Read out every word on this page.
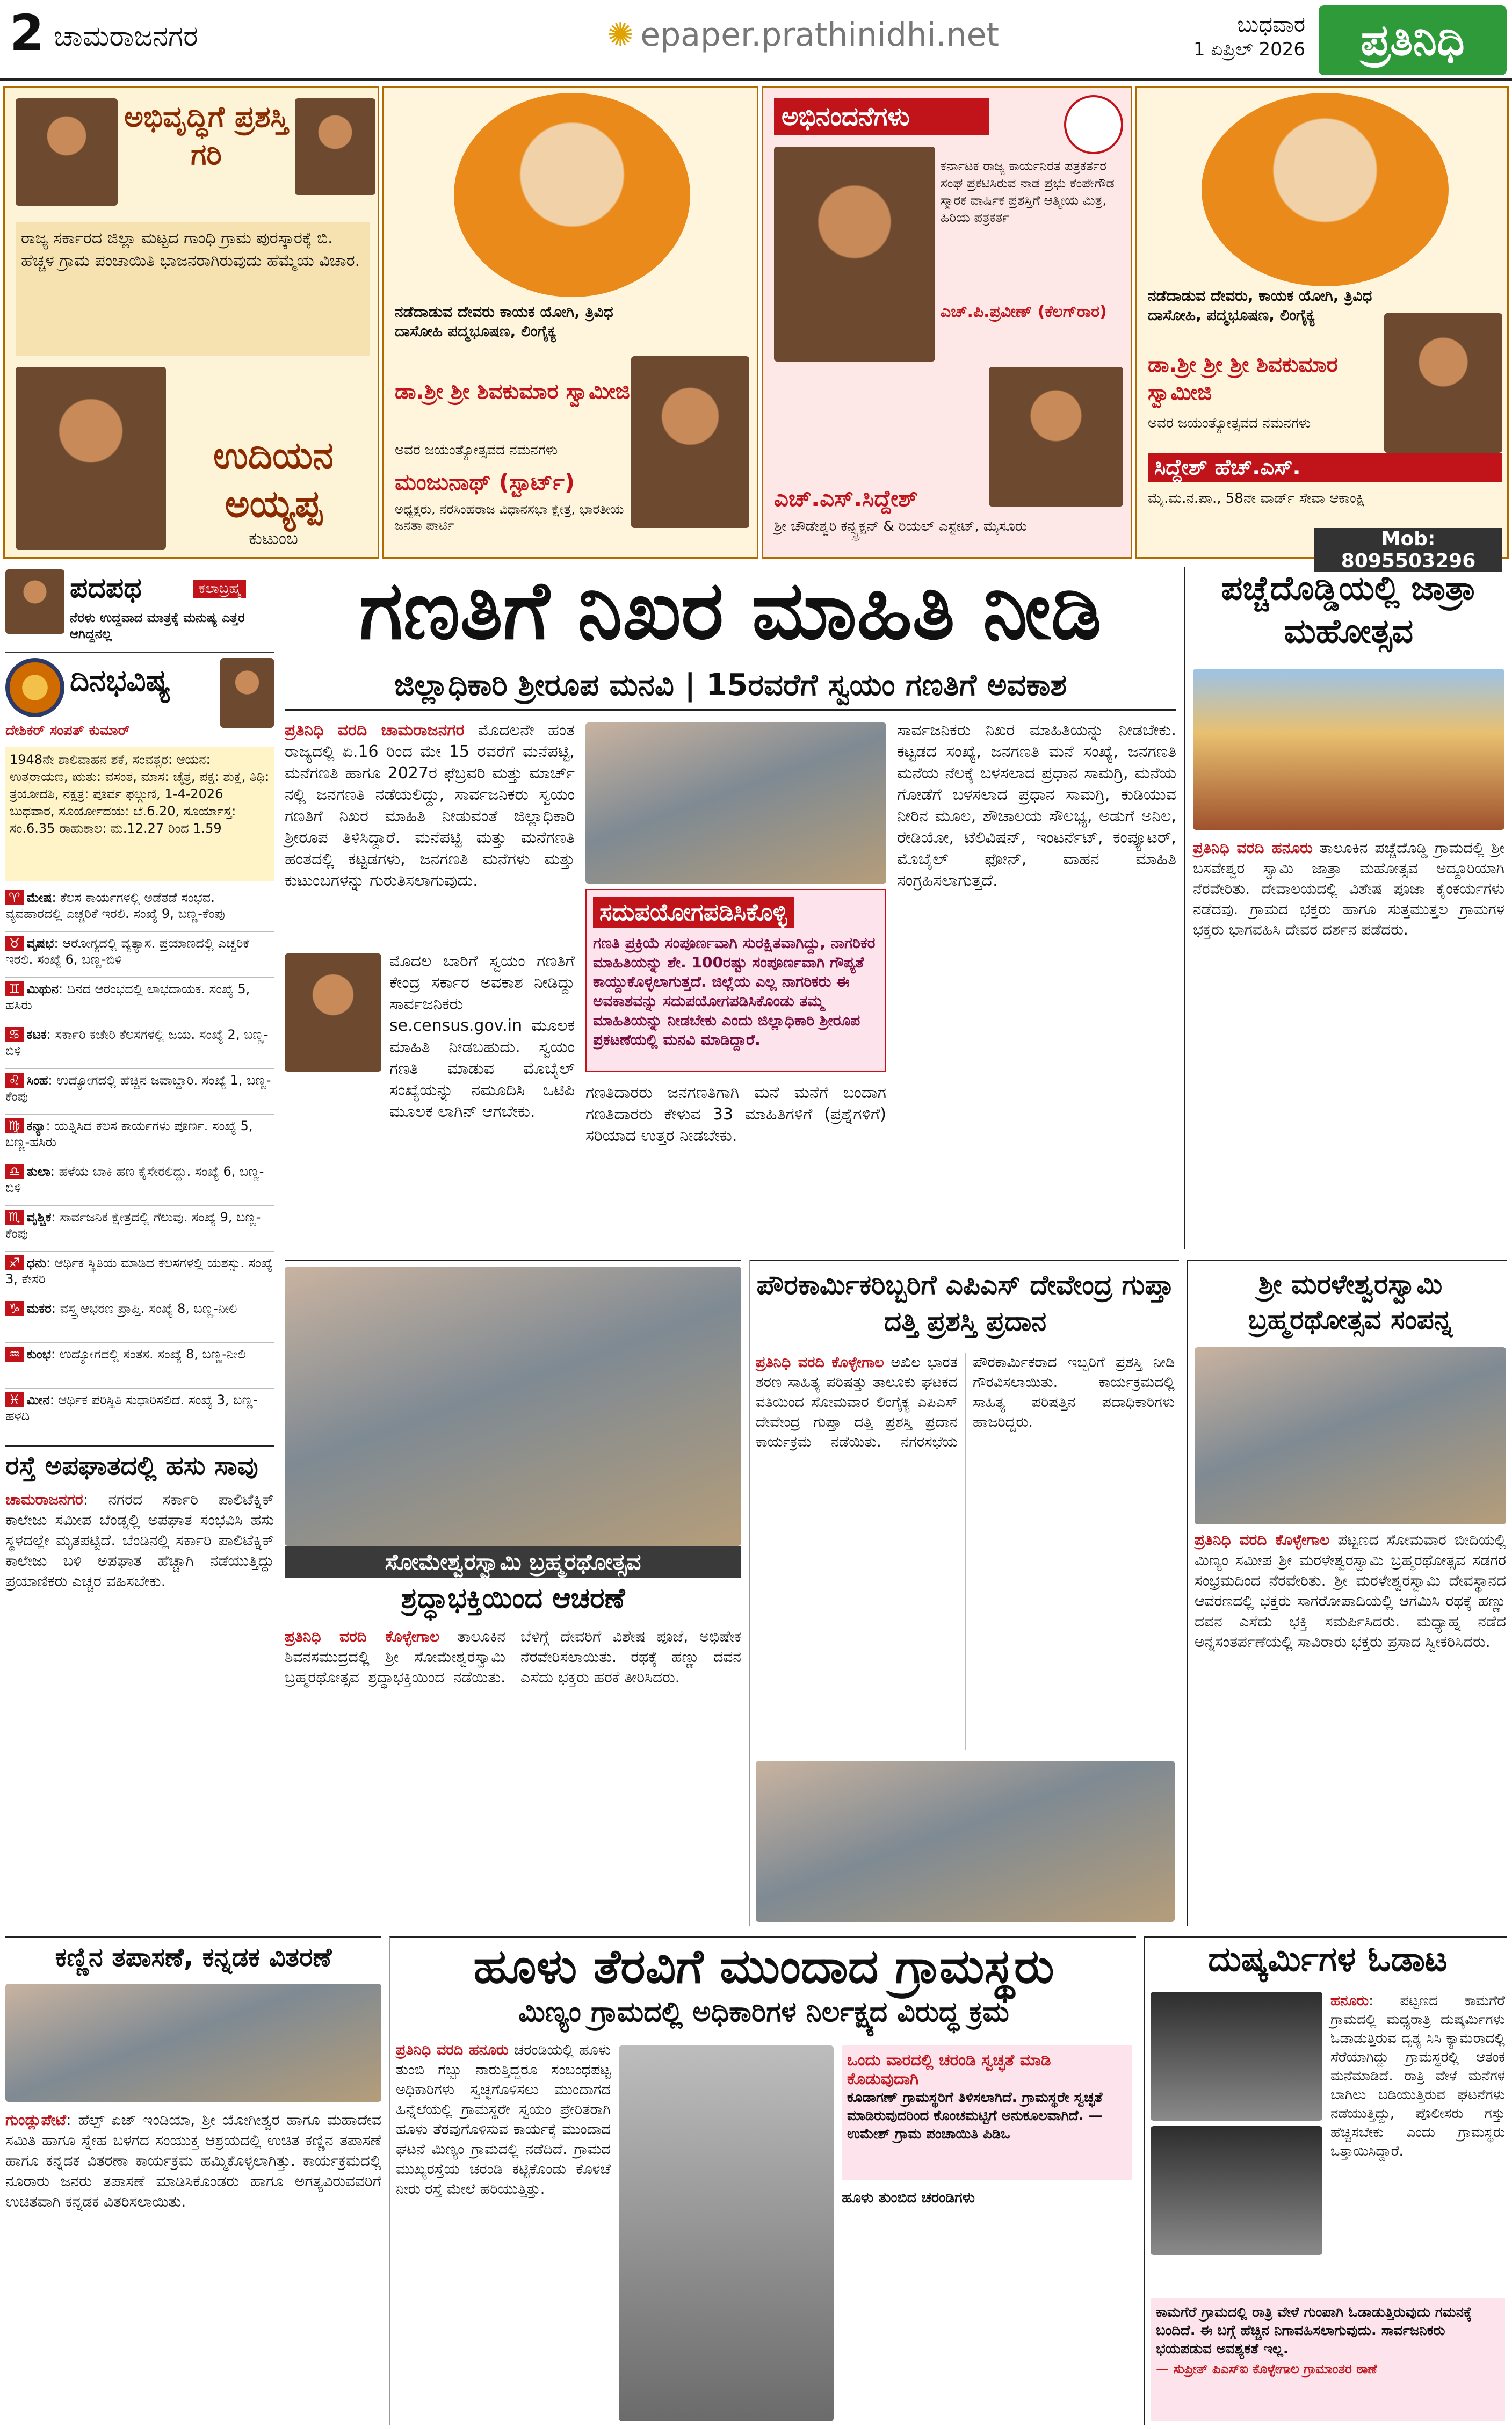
2 ಚಾಮರಾಜನಗರ	✺ epaper.prathinidhi.net	ಬುಧವಾರ
1 ಏಪ್ರಿಲ್ 2026	ಪ್ರತಿನಿಧಿ
ಅಭಿವೃದ್ಧಿಗೆ ಪ್ರಶಸ್ತಿ ಗರಿ
ರಾಜ್ಯ ಸರ್ಕಾರದ ಜಿಲ್ಲಾ ಮಟ್ಟದ ಗಾಂಧಿ ಗ್ರಾಮ ಪುರಸ್ಕಾರಕ್ಕೆ ಬಿ. ಹೆಚ್ಚಳ ಗ್ರಾಮ ಪಂಚಾಯಿತಿ ಭಾಜನರಾಗಿರುವುದು ಹೆಮ್ಮೆಯ ವಿಚಾರ.
ಉದಿಯನ ಅಯ್ಯಪ್ಪ
ಕುಟುಂಬ
ನಡೆದಾಡುವ ದೇವರು ಕಾಯಕ ಯೋಗಿ, ತ್ರಿವಿಧ ದಾಸೋಹಿ ಪದ್ಮಭೂಷಣ, ಲಿಂಗೈಕ್ಯ
ಡಾ.ಶ್ರೀ ಶ್ರೀ ಶಿವಕುಮಾರ ಸ್ವಾಮೀಜಿ
ಅವರ ಜಯಂತ್ಯೋತ್ಸವದ ನಮನಗಳು
ಮಂಜುನಾಥ್ (ಸ್ಟಾರ್ಟ್)
ಅಧ್ಯಕ್ಷರು, ನರಸಿಂಹರಾಜ ವಿಧಾನಸಭಾ ಕ್ಷೇತ್ರ, ಭಾರತೀಯ ಜನತಾ ಪಾರ್ಟಿ
ಅಭಿನಂದನೆಗಳು
ಕರ್ನಾಟಕ ರಾಜ್ಯ ಕಾರ್ಯನಿರತ ಪತ್ರಕರ್ತರ ಸಂಘ ಪ್ರಕಟಿಸಿರುವ ನಾಡ ಪ್ರಭು ಕೆಂಪೇಗೌಡ ಸ್ಮಾರಕ ವಾರ್ಷಿಕ ಪ್ರಶಸ್ತಿಗೆ ಆತ್ಮೀಯ ಮಿತ್ರ, ಹಿರಿಯ ಪತ್ರಕರ್ತ
ಎಚ್.ಪಿ.ಪ್ರವೀಣ್ (ಕೆಲಗ್‌ರಾರ)
ಎಚ್.ಎಸ್.ಸಿದ್ದೇಶ್
ಶ್ರೀ ಚೌಡೇಶ್ವರಿ ಕನ್ಸ್ಟ್ರಕ್ಷನ್ & ರಿಯಲ್ ಎಸ್ಟೇಟ್, ಮೈಸೂರು
ನಡೆದಾಡುವ ದೇವರು, ಕಾಯಕ ಯೋಗಿ, ತ್ರಿವಿಧ ದಾಸೋಹಿ, ಪದ್ಮಭೂಷಣ, ಲಿಂಗೈಕ್ಯ
ಡಾ.ಶ್ರೀ ಶ್ರೀ ಶ್ರೀ ಶಿವಕುಮಾರ ಸ್ವಾಮೀಜಿ
ಅವರ ಜಯಂತ್ಯೋತ್ಸವದ ನಮನಗಳು
ಸಿದ್ದೇಶ್ ಹೆಚ್.ಎಸ್.
ಮೈ.ಮ.ನ.ಪಾ., 58ನೇ ವಾರ್ಡ್ ಸೇವಾ ಆಕಾಂಕ್ಷಿ
Mob: 8095503296
ಪದಪಥ	ಕಲಾಬ್ರಹ್ಮ
ನೆರಳು ಉದ್ದವಾದ ಮಾತ್ರಕ್ಕೆ ಮನುಷ್ಯ ಎತ್ತರ ಆಗಿದ್ದನಲ್ಲ
ದಿನಭವಿಷ್ಯ
ದೇಶಿಕರ್ ಸಂಪತ್ ಕುಮಾರ್
1948ನೇ ಶಾಲಿವಾಹನ ಶಕೆ, ಸಂವತ್ಸರ: ಆಯನ: ಉತ್ತರಾಯಣ, ಋತು: ವಸಂತ, ಮಾಸ: ಚೈತ್ರ, ಪಕ್ಷ: ಶುಕ್ಲ, ತಿಥಿ: ತ್ರಯೋದಶಿ, ನಕ್ಷತ್ರ: ಪೂರ್ವ ಫಲ್ಗುಣಿ, 1-4-2026 ಬುಧವಾರ, ಸೂರ್ಯೋದಯ: ಬೆ.6.20, ಸೂರ್ಯಾಸ್ತ: ಸಂ.6.35 ರಾಹುಕಾಲ: ಮ.12.27 ರಿಂದ 1.59
♈ ಮೇಷ: ಕೆಲಸ ಕಾರ್ಯಗಳಲ್ಲಿ ಅಡೆತಡೆ ಸಂಭವ. ವ್ಯವಹಾರದಲ್ಲಿ ಎಚ್ಚರಿಕೆ ಇರಲಿ. ಸಂಖ್ಯೆ 9, ಬಣ್ಣ-ಕೆಂಪು
♉ ವೃಷಭ: ಆರೋಗ್ಯದಲ್ಲಿ ವ್ಯತ್ಯಾಸ. ಪ್ರಯಾಣದಲ್ಲಿ ಎಚ್ಚರಿಕೆ ಇರಲಿ. ಸಂಖ್ಯೆ 6, ಬಣ್ಣ-ಬಿಳಿ
♊ ಮಿಥುನ: ದಿನದ ಆರಂಭದಲ್ಲಿ ಲಾಭದಾಯಕ. ಸಂಖ್ಯೆ 5, ಹಸಿರು
♋ ಕಟಕ: ಸರ್ಕಾರಿ ಕಚೇರಿ ಕೆಲಸಗಳಲ್ಲಿ ಜಯ. ಸಂಖ್ಯೆ 2, ಬಣ್ಣ-ಬಿಳಿ
♌ ಸಿಂಹ: ಉದ್ಯೋಗದಲ್ಲಿ ಹೆಚ್ಚಿನ ಜವಾಬ್ದಾರಿ. ಸಂಖ್ಯೆ 1, ಬಣ್ಣ-ಕೆಂಪು
♍ ಕನ್ಯಾ: ಯತ್ನಿಸಿದ ಕೆಲಸ ಕಾರ್ಯಗಳು ಪೂರ್ಣ. ಸಂಖ್ಯೆ 5, ಬಣ್ಣ-ಹಸಿರು
♎ ತುಲಾ: ಹಳೆಯ ಬಾಕಿ ಹಣ ಕೈಸೇರಲಿದ್ದು. ಸಂಖ್ಯೆ 6, ಬಣ್ಣ-ಬಿಳಿ
♏ ವೃಶ್ಚಿಕ: ಸಾರ್ವಜನಿಕ ಕ್ಷೇತ್ರದಲ್ಲಿ ಗೆಲುವು. ಸಂಖ್ಯೆ 9, ಬಣ್ಣ-ಕೆಂಪು
♐ ಧನು: ಆರ್ಥಿಕ ಸ್ಥಿತಿಯ ಮಾಡಿದ ಕೆಲಸಗಳಲ್ಲಿ ಯಶಸ್ಸು. ಸಂಖ್ಯೆ 3, ಕೇಸರಿ
♑ ಮಕರ: ವಸ್ತ್ರ ಆಭರಣ ಪ್ರಾಪ್ತಿ. ಸಂಖ್ಯೆ 8, ಬಣ್ಣ-ನೀಲಿ
♒ ಕುಂಭ: ಉದ್ಯೋಗದಲ್ಲಿ ಸಂತಸ. ಸಂಖ್ಯೆ 8, ಬಣ್ಣ-ನೀಲಿ
♓ ಮೀನ: ಆರ್ಥಿಕ ಪರಿಸ್ಥಿತಿ ಸುಧಾರಿಸಲಿದೆ. ಸಂಖ್ಯೆ 3, ಬಣ್ಣ-ಹಳದಿ
ರಸ್ತೆ ಅಪಘಾತದಲ್ಲಿ ಹಸು ಸಾವು
ಚಾಮರಾಜನಗರ: ನಗರದ ಸರ್ಕಾರಿ ಪಾಲಿಟೆಕ್ನಿಕ್ ಕಾಲೇಜು ಸಮೀಪ ಬೆಂಡ್ನಲ್ಲಿ ಅಪಘಾತ ಸಂಭವಿಸಿ ಹಸು ಸ್ಥಳದಲ್ಲೇ ಮೃತಪಟ್ಟಿದೆ. ಬೆಂಡಿನಲ್ಲಿ ಸರ್ಕಾರಿ ಪಾಲಿಟೆಕ್ನಿಕ್ ಕಾಲೇಜು ಬಳಿ ಅಪಘಾತ ಹೆಚ್ಚಾಗಿ ನಡೆಯುತ್ತಿದ್ದು ಪ್ರಯಾಣಿಕರು ಎಚ್ಚರ ವಹಿಸಬೇಕು.
ಗಣತಿಗೆ ನಿಖರ ಮಾಹಿತಿ ನೀಡಿ
ಜಿಲ್ಲಾಧಿಕಾರಿ ಶ್ರೀರೂಪ ಮನವಿ | 15ರವರೆಗೆ ಸ್ವಯಂ ಗಣತಿಗೆ ಅವಕಾಶ
ಪ್ರತಿನಿಧಿ ವರದಿ ಚಾಮರಾಜನಗರ ಮೊದಲನೇ ಹಂತ ರಾಜ್ಯದಲ್ಲಿ ಏ.16 ರಿಂದ ಮೇ 15 ರವರೆಗೆ ಮನೆಪಟ್ಟಿ, ಮನೆಗಣತಿ ಹಾಗೂ 2027ರ ಫೆಬ್ರವರಿ ಮತ್ತು ಮಾರ್ಚ್ ನಲ್ಲಿ ಜನಗಣತಿ ನಡೆಯಲಿದ್ದು, ಸಾರ್ವಜನಿಕರು ಸ್ವಯಂ ಗಣತಿಗೆ ನಿಖರ ಮಾಹಿತಿ ನೀಡುವಂತೆ ಜಿಲ್ಲಾಧಿಕಾರಿ ಶ್ರೀರೂಪ ತಿಳಿಸಿದ್ದಾರೆ. ಮನೆಪಟ್ಟಿ ಮತ್ತು ಮನೆಗಣತಿ ಹಂತದಲ್ಲಿ ಕಟ್ಟಡಗಳು, ಜನಗಣತಿ ಮನೆಗಳು ಮತ್ತು ಕುಟುಂಬಗಳನ್ನು ಗುರುತಿಸಲಾಗುವುದು.
ಸದುಪಯೋಗಪಡಿಸಿಕೊಳ್ಳಿ
ಗಣತಿ ಪ್ರಕ್ರಿಯೆ ಸಂಪೂರ್ಣವಾಗಿ ಸುರಕ್ಷಿತವಾಗಿದ್ದು, ನಾಗರಿಕರ ಮಾಹಿತಿಯನ್ನು ಶೇ. 100ರಷ್ಟು ಸಂಪೂರ್ಣವಾಗಿ ಗೌಪ್ಯತೆ ಕಾಯ್ದುಕೊಳ್ಳಲಾಗುತ್ತದೆ. ಜಿಲ್ಲೆಯ ಎಲ್ಲ ನಾಗರಿಕರು ಈ ಅವಕಾಶವನ್ನು ಸದುಪಯೋಗಪಡಿಸಿಕೊಂಡು ತಮ್ಮ ಮಾಹಿತಿಯನ್ನು ನೀಡಬೇಕು ಎಂದು ಜಿಲ್ಲಾಧಿಕಾರಿ ಶ್ರೀರೂಪ ಪ್ರಕಟಣೆಯಲ್ಲಿ ಮನವಿ ಮಾಡಿದ್ದಾರೆ.
ಮೊದಲ ಬಾರಿಗೆ ಸ್ವಯಂ ಗಣತಿಗೆ ಕೇಂದ್ರ ಸರ್ಕಾರ ಅವಕಾಶ ನೀಡಿದ್ದು ಸಾರ್ವಜನಿಕರು se.census.gov.in ಮೂಲಕ ಮಾಹಿತಿ ನೀಡಬಹುದು. ಸ್ವಯಂ ಗಣತಿ ಮಾಡುವ ಮೊಬೈಲ್ ಸಂಖ್ಯೆಯನ್ನು ನಮೂದಿಸಿ ಒಟಿಪಿ ಮೂಲಕ ಲಾಗಿನ್ ಆಗಬೇಕು.
ಸಾರ್ವಜನಿಕರು ನಿಖರ ಮಾಹಿತಿಯನ್ನು ನೀಡಬೇಕು. ಕಟ್ಟಡದ ಸಂಖ್ಯೆ, ಜನಗಣತಿ ಮನೆ ಸಂಖ್ಯೆ, ಜನಗಣತಿ ಮನೆಯ ನೆಲಕ್ಕೆ ಬಳಸಲಾದ ಪ್ರಧಾನ ಸಾಮಗ್ರಿ, ಮನೆಯ ಗೋಡೆಗೆ ಬಳಸಲಾದ ಪ್ರಧಾನ ಸಾಮಗ್ರಿ, ಕುಡಿಯುವ ನೀರಿನ ಮೂಲ, ಶೌಚಾಲಯ ಸೌಲಭ್ಯ, ಅಡುಗೆ ಅನಿಲ, ರೇಡಿಯೋ, ಟೆಲಿವಿಷನ್, ಇಂಟರ್ನೆಟ್, ಕಂಪ್ಯೂಟರ್, ಮೊಬೈಲ್ ಫೋನ್, ವಾಹನ ಮಾಹಿತಿ ಸಂಗ್ರಹಿಸಲಾಗುತ್ತದೆ.
ಗಣತಿದಾರರು ಜನಗಣತಿಗಾಗಿ ಮನೆ ಮನೆಗೆ ಬಂದಾಗ ಗಣತಿದಾರರು ಕೇಳುವ 33 ಮಾಹಿತಿಗಳಿಗೆ (ಪ್ರಶ್ನೆಗಳಿಗೆ) ಸರಿಯಾದ ಉತ್ತರ ನೀಡಬೇಕು.
ಪಚ್ಚೆದೊಡ್ಡಿಯಲ್ಲಿ ಜಾತ್ರಾ ಮಹೋತ್ಸವ
ಪ್ರತಿನಿಧಿ ವರದಿ ಹನೂರು ತಾಲೂಕಿನ ಪಚ್ಚೆದೊಡ್ಡಿ ಗ್ರಾಮದಲ್ಲಿ ಶ್ರೀ ಬಸವೇಶ್ವರ ಸ್ವಾಮಿ ಜಾತ್ರಾ ಮಹೋತ್ಸವ ಅದ್ದೂರಿಯಾಗಿ ನೆರವೇರಿತು. ದೇವಾಲಯದಲ್ಲಿ ವಿಶೇಷ ಪೂಜಾ ಕೈಂಕರ್ಯಗಳು ನಡೆದವು. ಗ್ರಾಮದ ಭಕ್ತರು ಹಾಗೂ ಸುತ್ತಮುತ್ತಲ ಗ್ರಾಮಗಳ ಭಕ್ತರು ಭಾಗವಹಿಸಿ ದೇವರ ದರ್ಶನ ಪಡೆದರು.
ಸೋಮೇಶ್ವರಸ್ವಾಮಿ ಬ್ರಹ್ಮರಥೋತ್ಸವ
ಶ್ರದ್ಧಾಭಕ್ತಿಯಿಂದ ಆಚರಣೆ
ಪ್ರತಿನಿಧಿ ವರದಿ ಕೊಳ್ಳೇಗಾಲ ತಾಲೂಕಿನ ಶಿವನಸಮುದ್ರದಲ್ಲಿ ಶ್ರೀ ಸೋಮೇಶ್ವರಸ್ವಾಮಿ ಬ್ರಹ್ಮರಥೋತ್ಸವ ಶ್ರದ್ಧಾಭಕ್ತಿಯಿಂದ ನಡೆಯಿತು. ಬೆಳಿಗ್ಗೆ ದೇವರಿಗೆ ವಿಶೇಷ ಪೂಜೆ, ಅಭಿಷೇಕ ನೆರವೇರಿಸಲಾಯಿತು. ರಥಕ್ಕೆ ಹಣ್ಣು ದವನ ಎಸೆದು ಭಕ್ತರು ಹರಕೆ ತೀರಿಸಿದರು.
ಪೌರಕಾರ್ಮಿಕರಿಬ್ಬರಿಗೆ ಎಪಿಎಸ್ ದೇವೇಂದ್ರ ಗುಪ್ತಾ ದತ್ತಿ ಪ್ರಶಸ್ತಿ ಪ್ರದಾನ
ಪ್ರತಿನಿಧಿ ವರದಿ ಕೊಳ್ಳೇಗಾಲ ಅಖಿಲ ಭಾರತ ಶರಣ ಸಾಹಿತ್ಯ ಪರಿಷತ್ತು ತಾಲೂಕು ಘಟಕದ ವತಿಯಿಂದ ಸೋಮವಾರ ಲಿಂಗೈಕ್ಯ ಎಪಿಎಸ್ ದೇವೇಂದ್ರ ಗುಪ್ತಾ ದತ್ತಿ ಪ್ರಶಸ್ತಿ ಪ್ರದಾನ ಕಾರ್ಯಕ್ರಮ ನಡೆಯಿತು. ನಗರಸಭೆಯ ಪೌರಕಾರ್ಮಿಕರಾದ ಇಬ್ಬರಿಗೆ ಪ್ರಶಸ್ತಿ ನೀಡಿ ಗೌರವಿಸಲಾಯಿತು. ಕಾರ್ಯಕ್ರಮದಲ್ಲಿ ಸಾಹಿತ್ಯ ಪರಿಷತ್ತಿನ ಪದಾಧಿಕಾರಿಗಳು ಹಾಜರಿದ್ದರು.
ಶ್ರೀ ಮರಳೇಶ್ವರಸ್ವಾಮಿ ಬ್ರಹ್ಮರಥೋತ್ಸವ ಸಂಪನ್ನ
ಪ್ರತಿನಿಧಿ ವರದಿ ಕೊಳ್ಳೇಗಾಲ ಪಟ್ಟಣದ ಸೋಮವಾರ ಬೀದಿಯಲ್ಲಿ ಮಿಣ್ಯಂ ಸಮೀಪ ಶ್ರೀ ಮರಳೇಶ್ವರಸ್ವಾಮಿ ಬ್ರಹ್ಮರಥೋತ್ಸವ ಸಡಗರ ಸಂಭ್ರಮದಿಂದ ನೆರವೇರಿತು. ಶ್ರೀ ಮರಳೇಶ್ವರಸ್ವಾಮಿ ದೇವಸ್ಥಾನದ ಆವರಣದಲ್ಲಿ ಭಕ್ತರು ಸಾಗರೋಪಾದಿಯಲ್ಲಿ ಆಗಮಿಸಿ ರಥಕ್ಕೆ ಹಣ್ಣು ದವನ ಎಸೆದು ಭಕ್ತಿ ಸಮರ್ಪಿಸಿದರು. ಮಧ್ಯಾಹ್ನ ನಡೆದ ಅನ್ನಸಂತರ್ಪಣೆಯಲ್ಲಿ ಸಾವಿರಾರು ಭಕ್ತರು ಪ್ರಸಾದ ಸ್ವೀಕರಿಸಿದರು.
ಕಣ್ಣಿನ ತಪಾಸಣೆ, ಕನ್ನಡಕ ವಿತರಣೆ
ಗುಂಡ್ಲುಪೇಟೆ: ಹೆಲ್ಪ್ ಏಜ್ ಇಂಡಿಯಾ, ಶ್ರೀ ಯೋಗೀಶ್ವರ ಹಾಗೂ ಮಹಾದೇವ ಸಮಿತಿ ಹಾಗೂ ಸ್ನೇಹ ಬಳಗದ ಸಂಯುಕ್ತ ಆಶ್ರಯದಲ್ಲಿ ಉಚಿತ ಕಣ್ಣಿನ ತಪಾಸಣೆ ಹಾಗೂ ಕನ್ನಡಕ ವಿತರಣಾ ಕಾರ್ಯಕ್ರಮ ಹಮ್ಮಿಕೊಳ್ಳಲಾಗಿತ್ತು. ಕಾರ್ಯಕ್ರಮದಲ್ಲಿ ನೂರಾರು ಜನರು ತಪಾಸಣೆ ಮಾಡಿಸಿಕೊಂಡರು ಹಾಗೂ ಅಗತ್ಯವಿರುವವರಿಗೆ ಉಚಿತವಾಗಿ ಕನ್ನಡಕ ವಿತರಿಸಲಾಯಿತು.
ಹೂಳು ತೆರವಿಗೆ ಮುಂದಾದ ಗ್ರಾಮಸ್ಥರು
ಮಿಣ್ಯಂ ಗ್ರಾಮದಲ್ಲಿ ಅಧಿಕಾರಿಗಳ ನಿರ್ಲಕ್ಷ್ಯದ ವಿರುದ್ಧ ಕ್ರಮ
ಪ್ರತಿನಿಧಿ ವರದಿ ಹನೂರು ಚರಂಡಿಯಲ್ಲಿ ಹೂಳು ತುಂಬಿ ಗಬ್ಬು ನಾರುತ್ತಿದ್ದರೂ ಸಂಬಂಧಪಟ್ಟ ಅಧಿಕಾರಿಗಳು ಸ್ವಚ್ಛಗೊಳಿಸಲು ಮುಂದಾಗದ ಹಿನ್ನೆಲೆಯಲ್ಲಿ ಗ್ರಾಮಸ್ಥರೇ ಸ್ವಯಂ ಪ್ರೇರಿತರಾಗಿ ಹೂಳು ತೆರವುಗೊಳಿಸುವ ಕಾರ್ಯಕ್ಕೆ ಮುಂದಾದ ಘಟನೆ ಮಿಣ್ಯಂ ಗ್ರಾಮದಲ್ಲಿ ನಡೆದಿದೆ. ಗ್ರಾಮದ ಮುಖ್ಯರಸ್ತೆಯ ಚರಂಡಿ ಕಟ್ಟಿಕೊಂಡು ಕೊಳಚೆ ನೀರು ರಸ್ತೆ ಮೇಲೆ ಹರಿಯುತ್ತಿತ್ತು.
ಒಂದು ವಾರದಲ್ಲಿ ಚರಂಡಿ ಸ್ವಚ್ಛತೆ ಮಾಡಿ ಕೊಡುವುದಾಗಿ
ಕೂಡಾಗಣ್ ಗ್ರಾಮಸ್ಥರಿಗೆ ತಿಳಿಸಲಾಗಿದೆ. ಗ್ರಾಮಸ್ಥರೇ ಸ್ವಚ್ಛತೆ ಮಾಡಿರುವುದರಿಂದ ಕೊಂಚಮಟ್ಟಿಗೆ ಅನುಕೂಲವಾಗಿದೆ. — ಉಮೇಶ್ ಗ್ರಾಮ ಪಂಚಾಯಿತಿ ಪಿಡಿಒ
ಹೂಳು ತುಂಬಿದ ಚರಂಡಿಗಳು
ದುಷ್ಕರ್ಮಿಗಳ ಓಡಾಟ
ಹನೂರು: ಪಟ್ಟಣದ ಕಾಮಗೆರೆ ಗ್ರಾಮದಲ್ಲಿ ಮಧ್ಯರಾತ್ರಿ ದುಷ್ಕರ್ಮಿಗಳು ಓಡಾಡುತ್ತಿರುವ ದೃಶ್ಯ ಸಿಸಿ ಕ್ಯಾಮೆರಾದಲ್ಲಿ ಸೆರೆಯಾಗಿದ್ದು ಗ್ರಾಮಸ್ಥರಲ್ಲಿ ಆತಂಕ ಮನೆಮಾಡಿದೆ. ರಾತ್ರಿ ವೇಳೆ ಮನೆಗಳ ಬಾಗಿಲು ಬಡಿಯುತ್ತಿರುವ ಘಟನೆಗಳು ನಡೆಯುತ್ತಿದ್ದು, ಪೊಲೀಸರು ಗಸ್ತು ಹೆಚ್ಚಿಸಬೇಕು ಎಂದು ಗ್ರಾಮಸ್ಥರು ಒತ್ತಾಯಿಸಿದ್ದಾರೆ.
ಕಾಮಗೆರೆ ಗ್ರಾಮದಲ್ಲಿ ರಾತ್ರಿ ವೇಳೆ ಗುಂಪಾಗಿ ಓಡಾಡುತ್ತಿರುವುದು ಗಮನಕ್ಕೆ ಬಂದಿದೆ. ಈ ಬಗ್ಗೆ ಹೆಚ್ಚಿನ ನಿಗಾವಹಿಸಲಾಗುವುದು. ಸಾರ್ವಜನಿಕರು ಭಯಪಡುವ ಅವಶ್ಯಕತೆ ಇಲ್ಲ.
— ಸುಪ್ರೀತ್ ಪಿಎಸ್‌ಐ ಕೊಳ್ಳೇಗಾಲ ಗ್ರಾಮಾಂತರ ಠಾಣೆ
